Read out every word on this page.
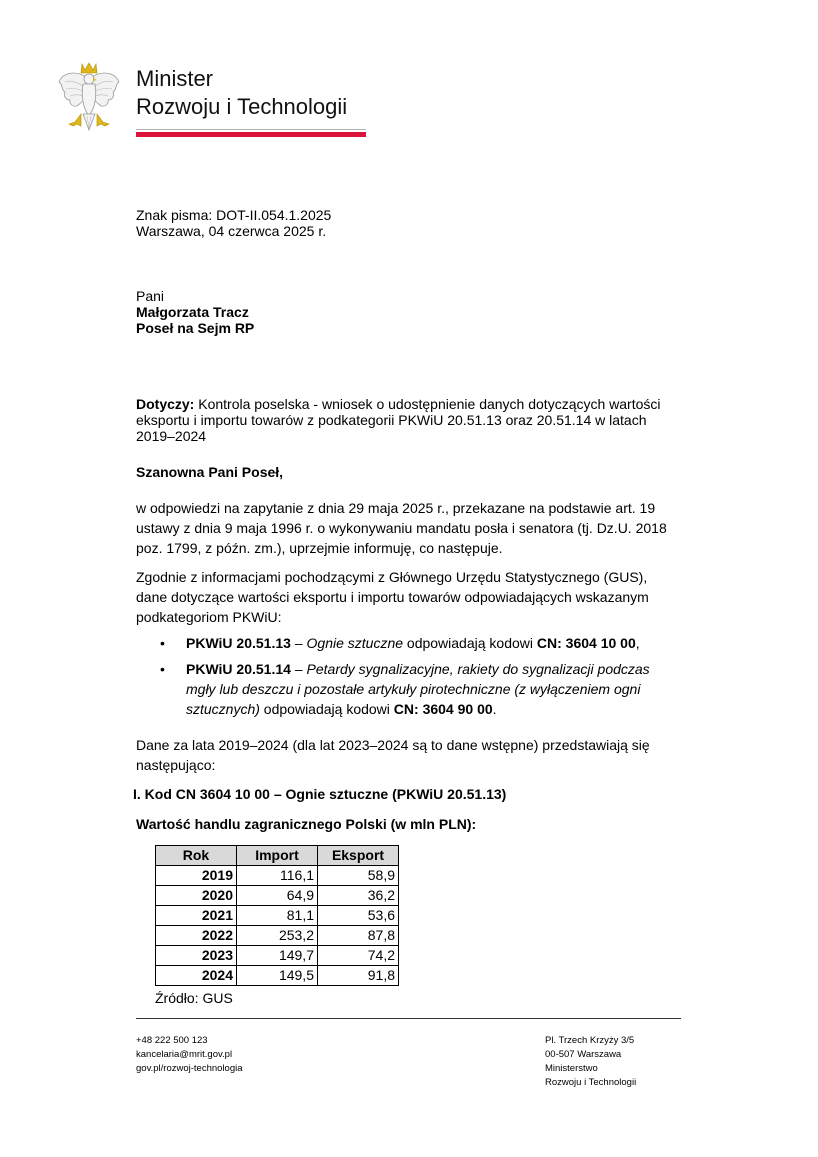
Minister
Rozwoju i Technologii
Znak pisma: DOT-II.054.1.2025
Warszawa, 04 czerwca 2025 r.
Pani
Małgorzata Tracz
Poseł na Sejm RP
Dotyczy: Kontrola poselska - wniosek o udostępnienie danych dotyczących wartości eksportu i importu towarów z podkategorii PKWiU 20.51.13 oraz 20.51.14 w latach 2019–2024
Szanowna Pani Poseł,
w odpowiedzi na zapytanie z dnia 29 maja 2025 r., przekazane na podstawie art. 19 ustawy z dnia 9 maja 1996 r. o wykonywaniu mandatu posła i senatora (tj. Dz.U. 2018 poz. 1799, z późn. zm.), uprzejmie informuję, co następuje.
Zgodnie z informacjami pochodzącymi z Głównego Urzędu Statystycznego (GUS), dane dotyczące wartości eksportu i importu towarów odpowiadających wskazanym podkategoriom PKWiU:
• PKWiU 20.51.13 – Ognie sztuczne odpowiadają kodowi CN: 3604 10 00,
• PKWiU 20.51.14 – Petardy sygnalizacyjne, rakiety do sygnalizacji podczas mgły lub deszczu i pozostałe artykuły pirotechniczne (z wyłączeniem ogni sztucznych) odpowiadają kodowi CN: 3604 90 00.
Dane za lata 2019–2024 (dla lat 2023–2024 są to dane wstępne) przedstawiają się następująco:
I. Kod CN 3604 10 00 – Ognie sztuczne (PKWiU 20.51.13)
Wartość handlu zagranicznego Polski (w mln PLN):
Rok	Import	Eksport
2019	116,1	58,9
2020	64,9	36,2
2021	81,1	53,6
2022	253,2	87,8
2023	149,7	74,2
2024	149,5	91,8
Źródło: GUS
+48 222 500 123
kancelaria@mrit.gov.pl
gov.pl/rozwoj-technologia
Pl. Trzech Krzyży 3/5
00-507 Warszawa
Ministerstwo
Rozwoju i Technologii
